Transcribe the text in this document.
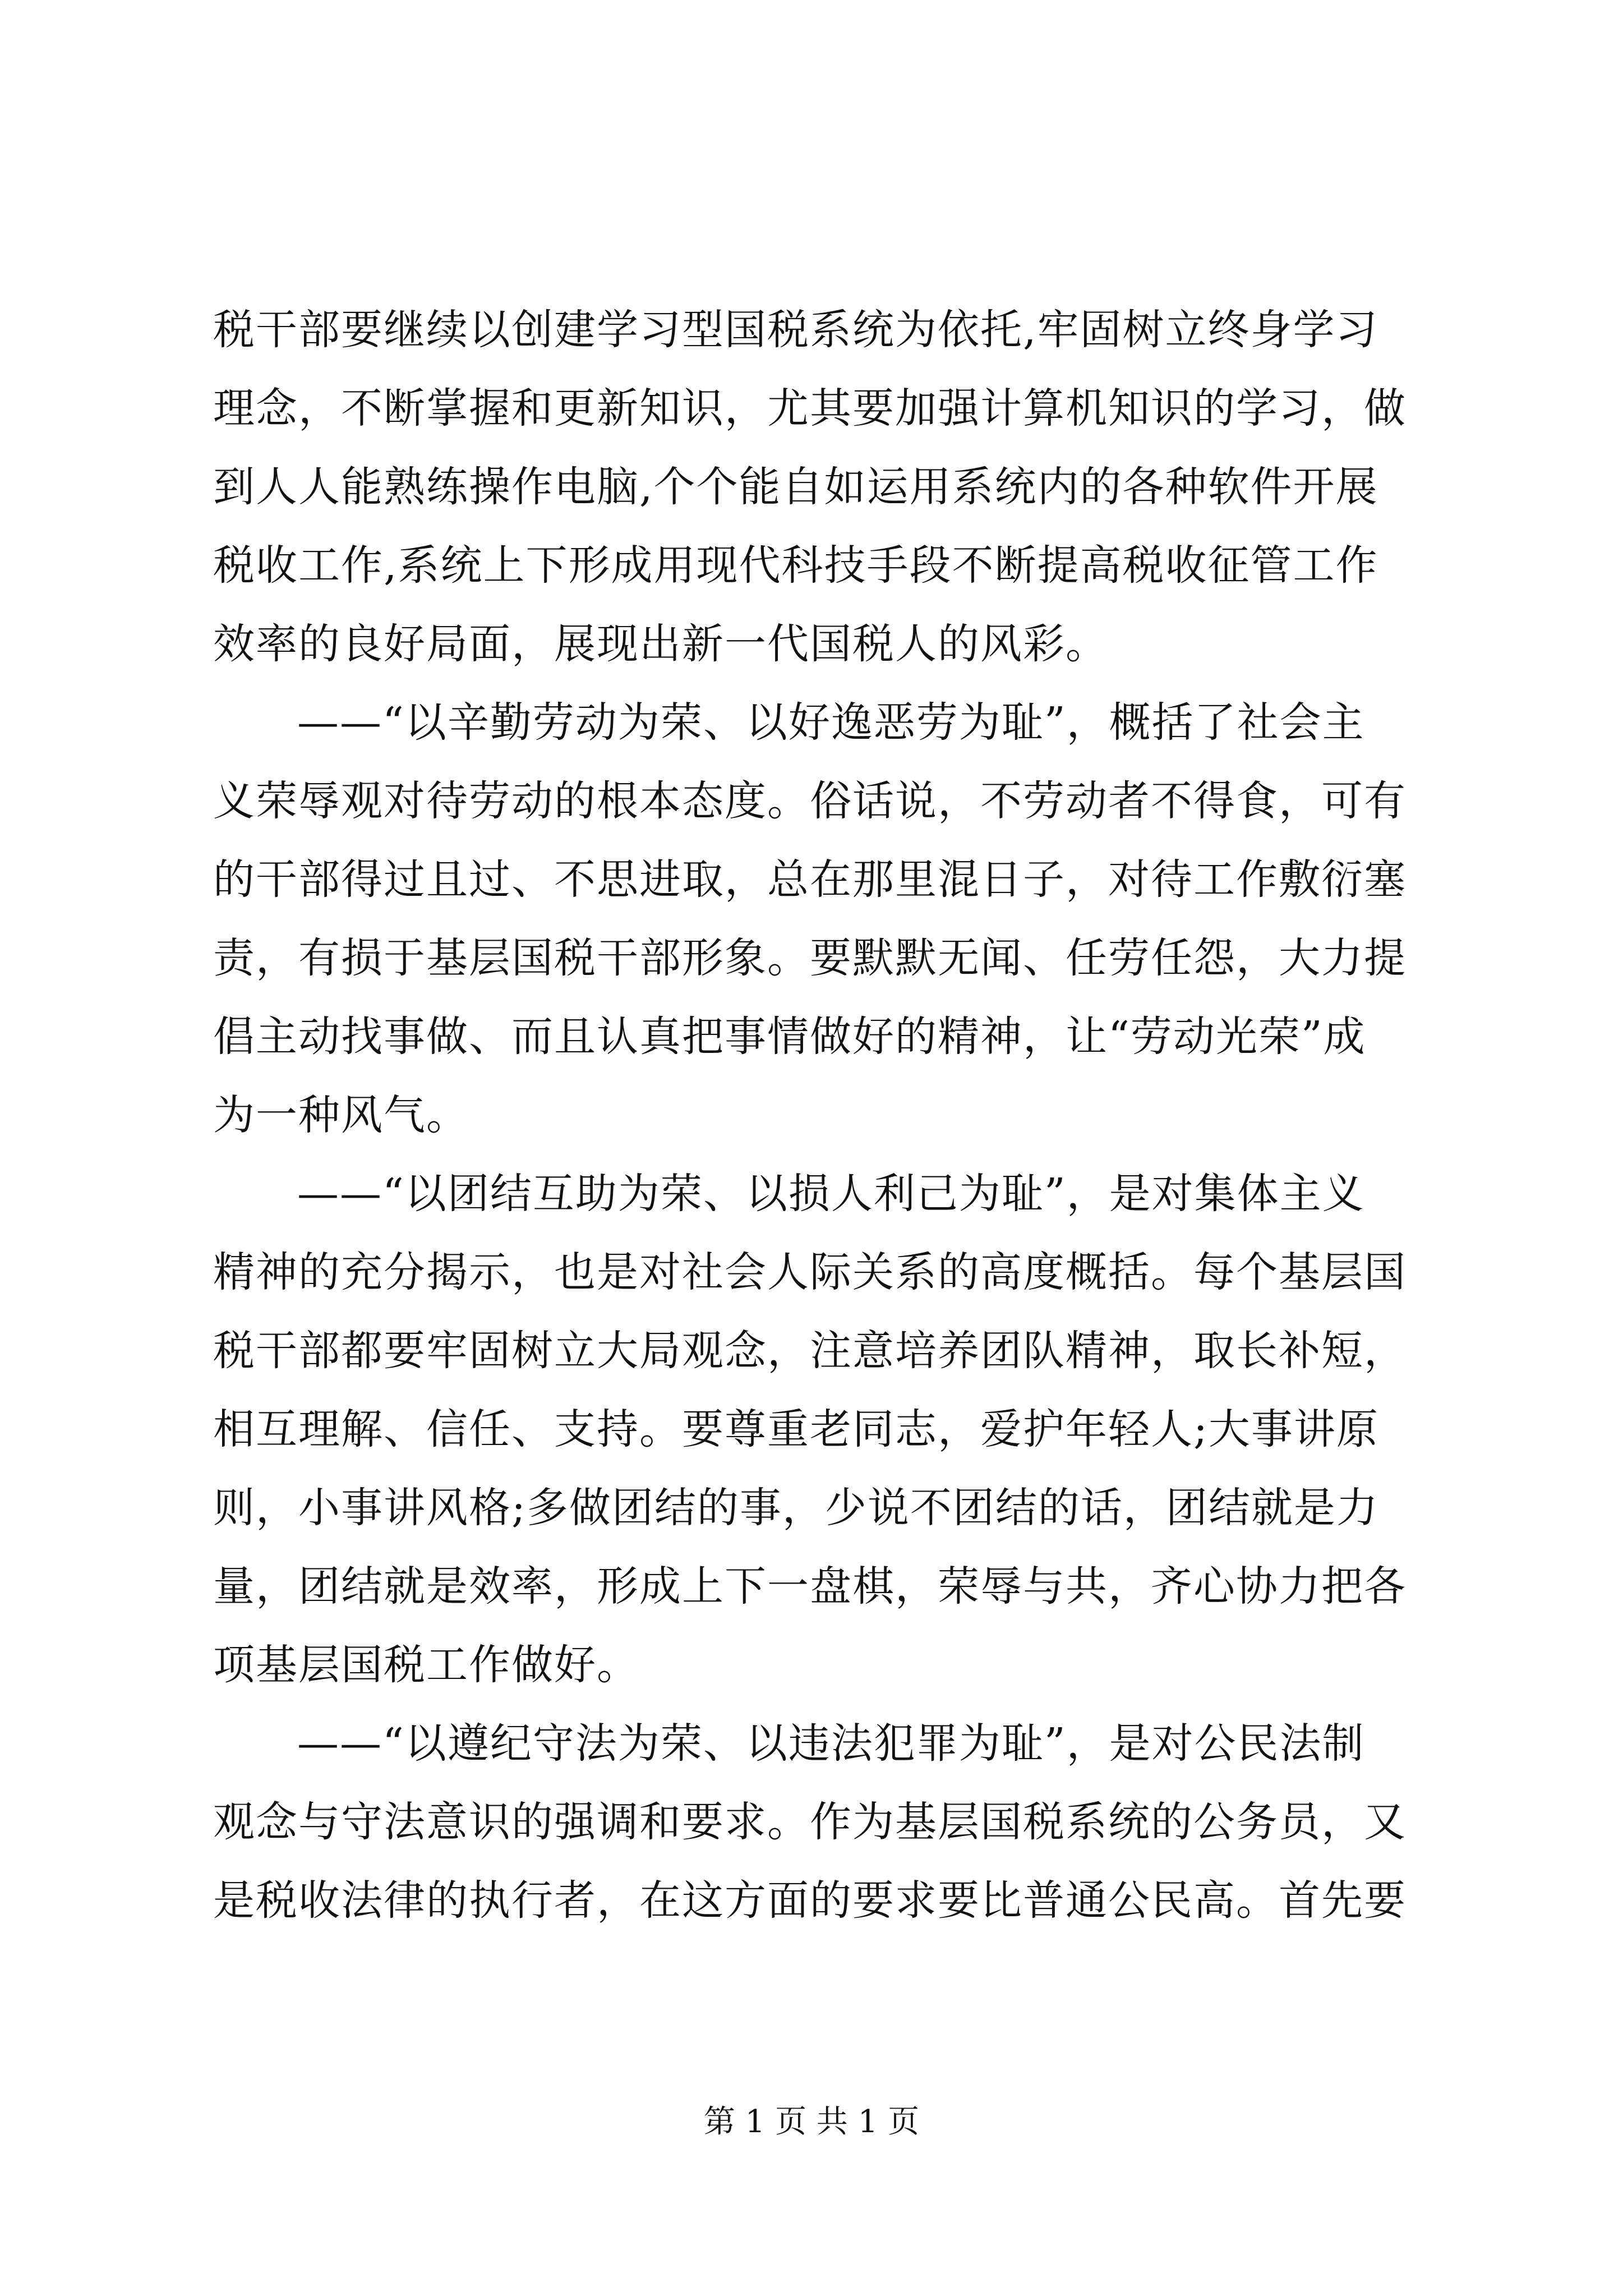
税干部要继续以创建学习型国税系统为依托,牢固树立终身学习
理念，不断掌握和更新知识，尤其要加强计算机知识的学习，做
到人人能熟练操作电脑,个个能自如运用系统内的各种软件开展
税收工作,系统上下形成用现代科技手段不断提高税收征管工作
效率的良好局面，展现出新一代国税人的风彩。
——“以辛勤劳动为荣、以好逸恶劳为耻”，概括了社会主
义荣辱观对待劳动的根本态度。俗话说，不劳动者不得食，可有
的干部得过且过、不思进取，总在那里混日子，对待工作敷衍塞
责，有损于基层国税干部形象。要默默无闻、任劳任怨，大力提
倡主动找事做、而且认真把事情做好的精神，让“劳动光荣”成
为一种风气。
——“以团结互助为荣、以损人利己为耻”，是对集体主义
精神的充分揭示，也是对社会人际关系的高度概括。每个基层国
税干部都要牢固树立大局观念，注意培养团队精神，取长补短，
相互理解、信任、支持。要尊重老同志，爱护年轻人;大事讲原
则，小事讲风格;多做团结的事，少说不团结的话，团结就是力
量，团结就是效率，形成上下一盘棋，荣辱与共，齐心协力把各
项基层国税工作做好。
——“以遵纪守法为荣、以违法犯罪为耻”，是对公民法制
观念与守法意识的强调和要求。作为基层国税系统的公务员，又
是税收法律的执行者，在这方面的要求要比普通公民高。首先要
第 1 页 共 1 页
